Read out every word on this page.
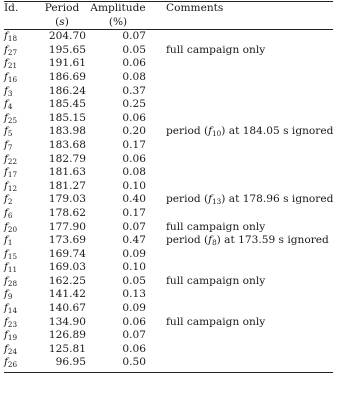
Id.	Period	Amplitude	Comments
	(s)	(%)	

$f_{18}$	204.70	0.07	
$f_{27}$	195.65	0.05	full campaign only
$f_{21}$	191.61	0.06	
$f_{16}$	186.69	0.08	
$f_3$	186.24	0.37	
$f_4$	185.45	0.25	
$f_{25}$	185.15	0.06	
$f_5$	183.98	0.20	period $(f_{10})$ at 184.05 s ignored
$f_7$	183.68	0.17	
$f_{22}$	182.79	0.06	
$f_{17}$	181.63	0.08	
$f_{12}$	181.27	0.10	
$f_2$	179.03	0.40	period $(f_{13})$ at 178.96 s ignored
$f_6$	178.62	0.17	
$f_{20}$	177.90	0.07	full campaign only
$f_1$	173.69	0.47	period $(f_8)$ at 173.59 s ignored
$f_{15}$	169.74	0.09	
$f_{11}$	169.03	0.10	
$f_{28}$	162.25	0.05	full campaign only
$f_9$	141.42	0.13	
$f_{14}$	140.67	0.09	
$f_{23}$	134.90	0.06	full campaign only
$f_{19}$	126.89	0.07	
$f_{24}$	125.81	0.06	
$f_{26}$	96.95	0.50	
